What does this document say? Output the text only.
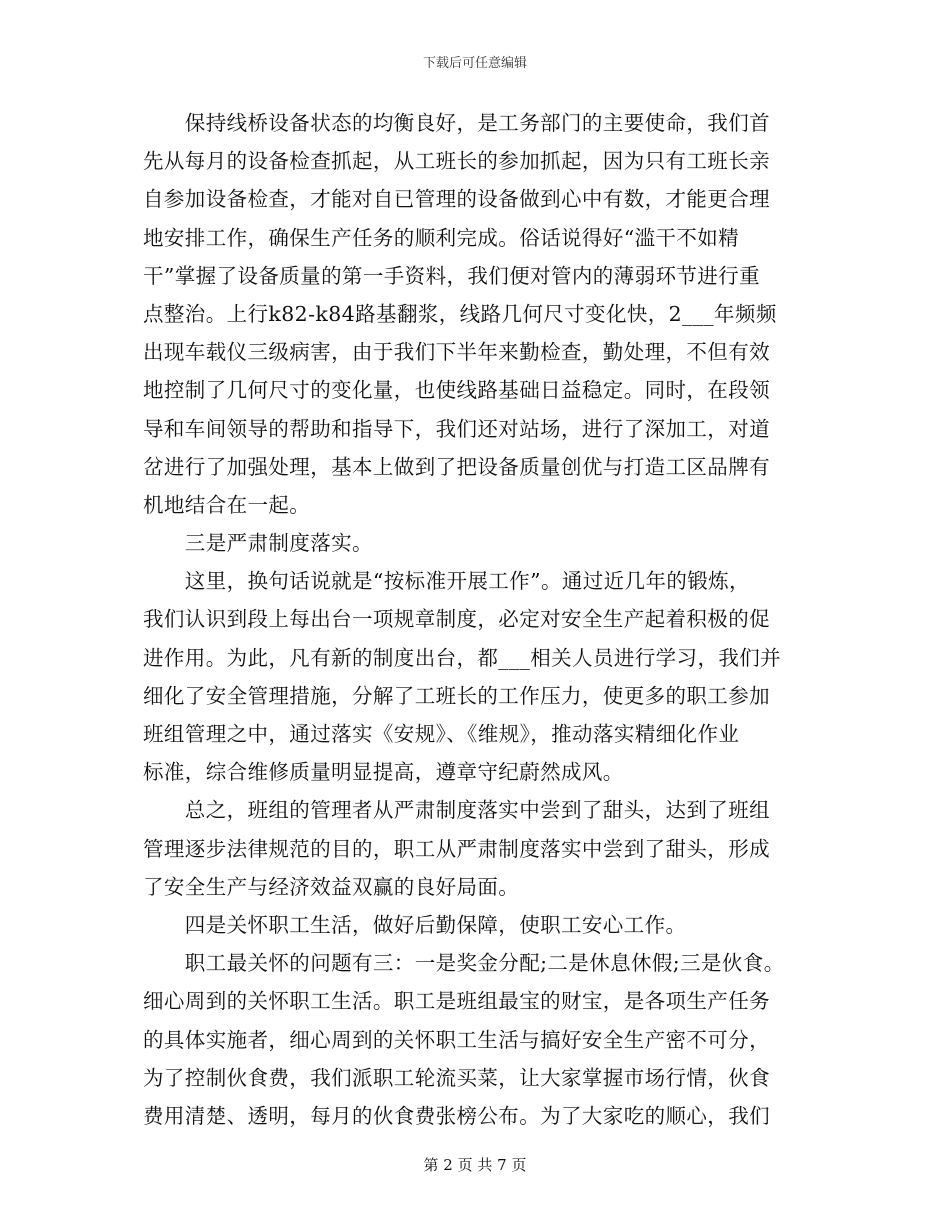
下载后可任意编辑
　　保持线桥设备状态的均衡良好，是工务部门的主要使命，我们首
先从每月的设备检查抓起，从工班长的参加抓起，因为只有工班长亲
自参加设备检查，才能对自已管理的设备做到心中有数，才能更合理
地安排工作，确保生产任务的顺利完成。俗话说得好“滥干不如精
干”掌握了设备质量的第一手资料，我们便对管内的薄弱环节进行重
点整治。上行k82-k84路基翻浆，线路几何尺寸变化快，2___年频频
出现车载仪三级病害，由于我们下半年来勤检查，勤处理，不但有效
地控制了几何尺寸的变化量，也使线路基础日益稳定。同时，在段领
导和车间领导的帮助和指导下，我们还对站场，进行了深加工，对道
岔进行了加强处理，基本上做到了把设备质量创优与打造工区品牌有
机地结合在一起。
　　三是严肃制度落实。
　　这里，换句话说就是“按标准开展工作”。通过近几年的锻炼，
我们认识到段上每出台一项规章制度，必定对安全生产起着积极的促
进作用。为此，凡有新的制度出台，都___相关人员进行学习，我们并
细化了安全管理措施，分解了工班长的工作压力，使更多的职工参加
班组管理之中，通过落实《安规》、《维规》，推动落实精细化作业
标准，综合维修质量明显提高，遵章守纪蔚然成风。
　　总之，班组的管理者从严肃制度落实中尝到了甜头，达到了班组
管理逐步法律规范的目的，职工从严肃制度落实中尝到了甜头，形成
了安全生产与经济效益双赢的良好局面。
　　四是关怀职工生活，做好后勤保障，使职工安心工作。
　　职工最关怀的问题有三：一是奖金分配;二是休息休假;三是伙食。
细心周到的关怀职工生活。职工是班组最宝的财宝，是各项生产任务
的具体实施者，细心周到的关怀职工生活与搞好安全生产密不可分，
为了控制伙食费，我们派职工轮流买菜，让大家掌握市场行情，伙食
费用清楚、透明，每月的伙食费张榜公布。为了大家吃的顺心，我们
第 2 页 共 7 页
